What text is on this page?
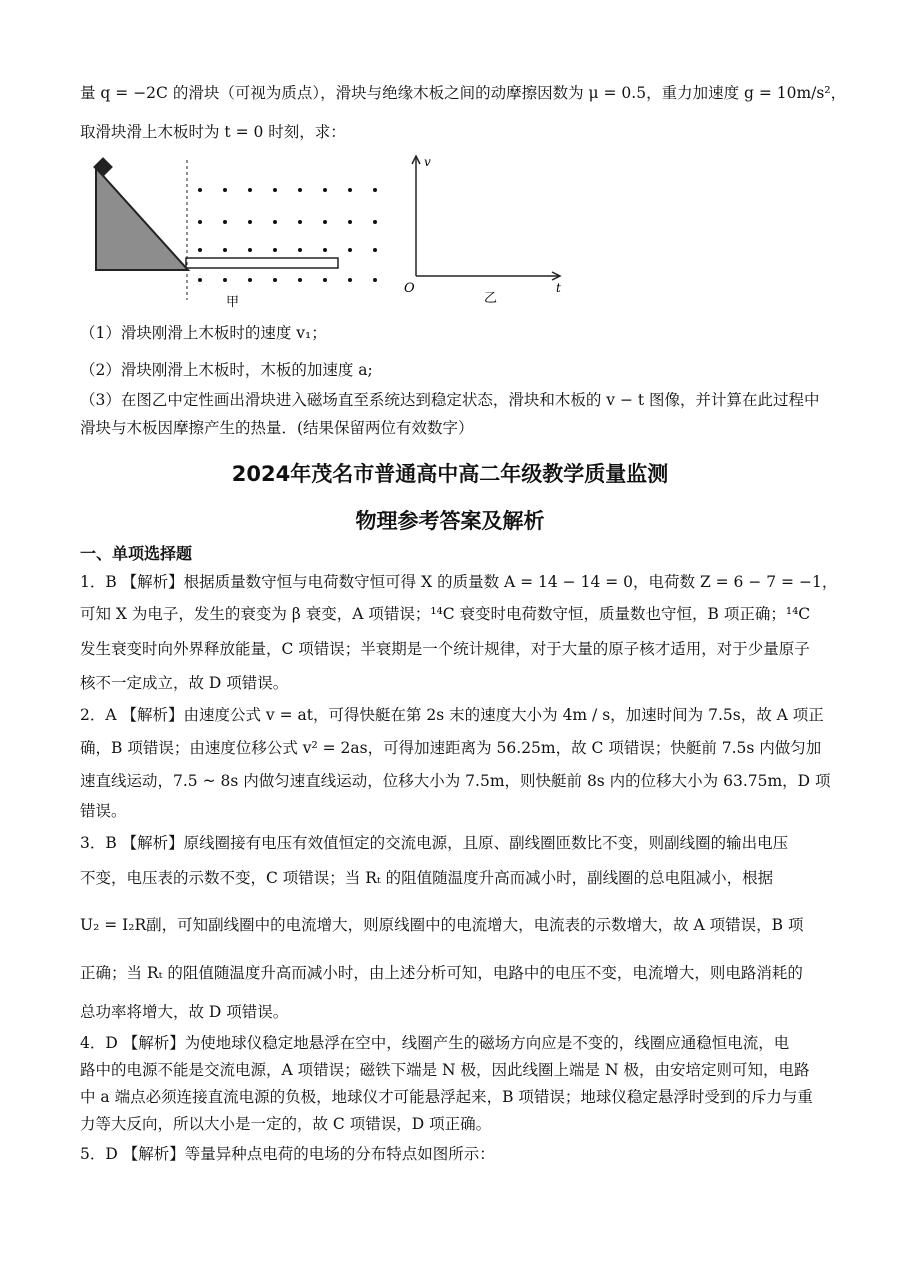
量 q = −2C 的滑块（可视为质点），滑块与绝缘木板之间的动摩擦因数为 μ = 0.5，重力加速度 g = 10m/s²，
取滑块滑上木板时为 t = 0 时刻，求：
甲
v
O	t
乙
（1）滑块刚滑上木板时的速度 v₁；
（2）滑块刚滑上木板时，木板的加速度 a;
（3）在图乙中定性画出滑块进入磁场直至系统达到稳定状态，滑块和木板的 v − t 图像，并计算在此过程中
滑块与木板因摩擦产生的热量．(结果保留两位有效数字）
2024年茂名市普通高中高二年级教学质量监测
物理参考答案及解析
一、单项选择题
1．B 【解析】根据质量数守恒与电荷数守恒可得 X 的质量数 A = 14 − 14 = 0，电荷数 Z = 6 − 7 = −1，
可知 X 为电子，发生的衰变为 β 衰变，A 项错误；¹⁴C 衰变时电荷数守恒，质量数也守恒，B 项正确；¹⁴C
发生衰变时向外界释放能量，C 项错误；半衰期是一个统计规律，对于大量的原子核才适用，对于少量原子
核不一定成立，故 D 项错误。
2．A 【解析】由速度公式 v = at，可得快艇在第 2s 末的速度大小为 4m / s，加速时间为 7.5s，故 A 项正
确，B 项错误；由速度位移公式 v² = 2as，可得加速距离为 56.25m，故 C 项错误；快艇前 7.5s 内做匀加
速直线运动，7.5 ~ 8s 内做匀速直线运动，位移大小为 7.5m，则快艇前 8s 内的位移大小为 63.75m，D 项
错误。
3．B 【解析】原线圈接有电压有效值恒定的交流电源，且原、副线圈匝数比不变，则副线圈的输出电压
不变，电压表的示数不变，C 项错误；当 Rₜ 的阻值随温度升高而减小时，副线圈的总电阻减小，根据
U₂ = I₂R副，可知副线圈中的电流增大，则原线圈中的电流增大，电流表的示数增大，故 A 项错误，B 项
正确；当 Rₜ 的阻值随温度升高而减小时，由上述分析可知，电路中的电压不变，电流增大，则电路消耗的
总功率将增大，故 D 项错误。
4．D 【解析】为使地球仪稳定地悬浮在空中，线圈产生的磁场方向应是不变的，线圈应通稳恒电流，电
路中的电源不能是交流电源，A 项错误；磁铁下端是 N 极，因此线圈上端是 N 极，由安培定则可知，电路
中 a 端点必须连接直流电源的负极，地球仪才可能悬浮起来，B 项错误；地球仪稳定悬浮时受到的斥力与重
力等大反向，所以大小是一定的，故 C 项错误，D 项正确。
5．D 【解析】等量异种点电荷的电场的分布特点如图所示：
